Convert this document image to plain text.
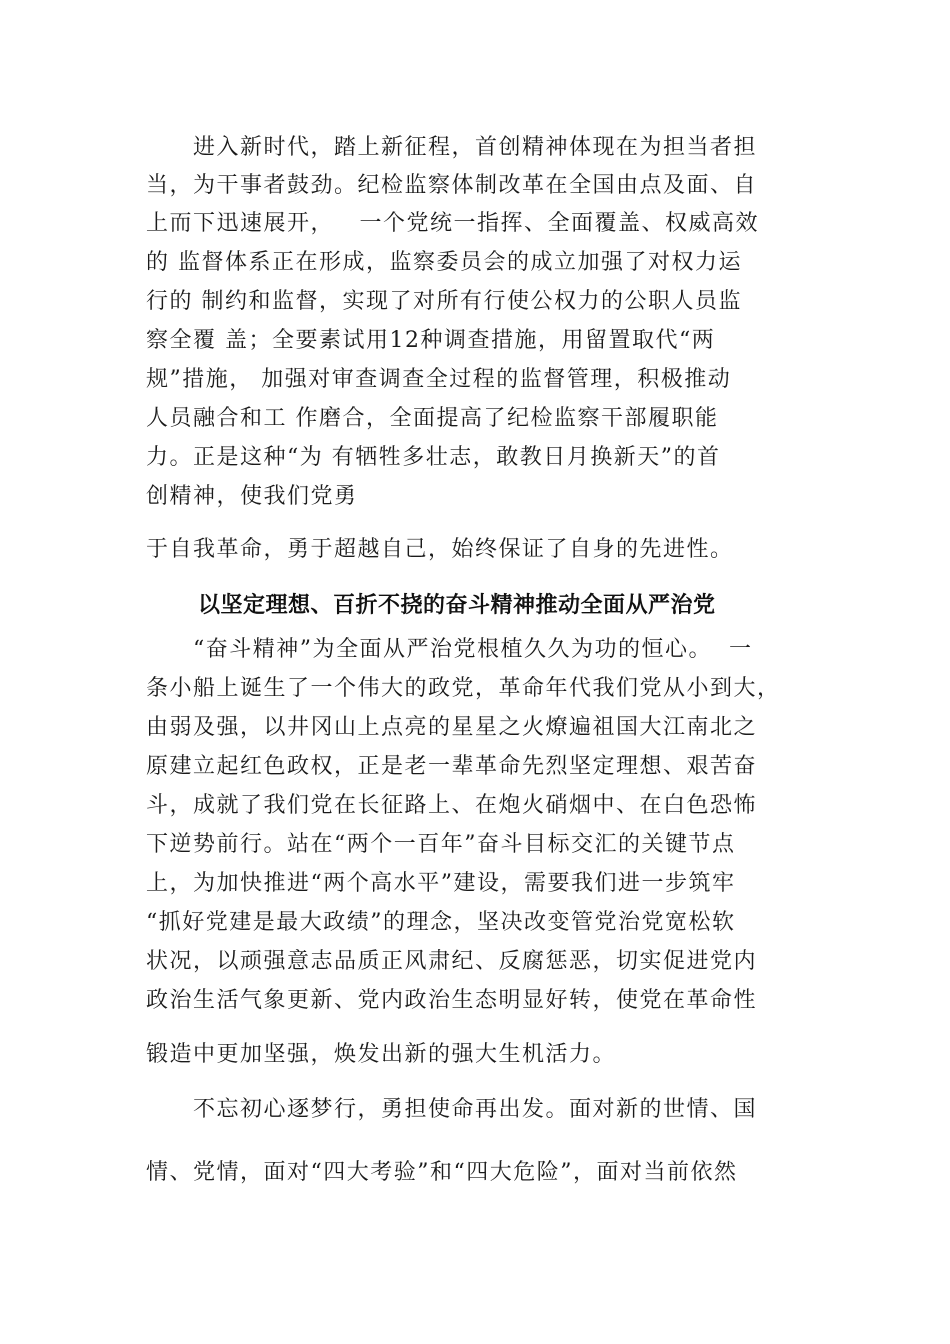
进入新时代，踏上新征程，首创精神体现在为担当者担
当，为干事者鼓劲。纪检监察体制改革在全国由点及面、自
上而下迅速展开，   一个党统一指挥、全面覆盖、权威高效
的 监督体系正在形成，监察委员会的成立加强了对权力运
行的 制约和监督，实现了对所有行使公权力的公职人员监
察全覆 盖；全要素试用12种调查措施，用留置取代“两
规”措施， 加强对审查调查全过程的监督管理，积极推动
人员融合和工 作磨合，全面提高了纪检监察干部履职能
力。正是这种“为 有牺牲多壮志，敢教日月换新天”的首
创精神，使我们党勇
于自我革命，勇于超越自己，始终保证了自身的先进性。
以坚定理想、百折不挠的奋斗精神推动全面从严治党
“奋斗精神”为全面从严治党根植久久为功的恒心。  一
条小船上诞生了一个伟大的政党，革命年代我们党从小到大，
由弱及强，以井冈山上点亮的星星之火燎遍祖国大江南北之
原建立起红色政权，正是老一辈革命先烈坚定理想、艰苦奋
斗，成就了我们党在长征路上、在炮火硝烟中、在白色恐怖
下逆势前行。站在“两个一百年”奋斗目标交汇的关键节点
上，为加快推进“两个高水平”建设，需要我们进一步筑牢
“抓好党建是最大政绩”的理念，坚决改变管党治党宽松软
状况，以顽强意志品质正风肃纪、反腐惩恶，切实促进党内
政治生活气象更新、党内政治生态明显好转，使党在革命性
锻造中更加坚强，焕发出新的强大生机活力。
不忘初心逐梦行，勇担使命再出发。面对新的世情、国
情、党情，面对“四大考验”和“四大危险”，面对当前依然
